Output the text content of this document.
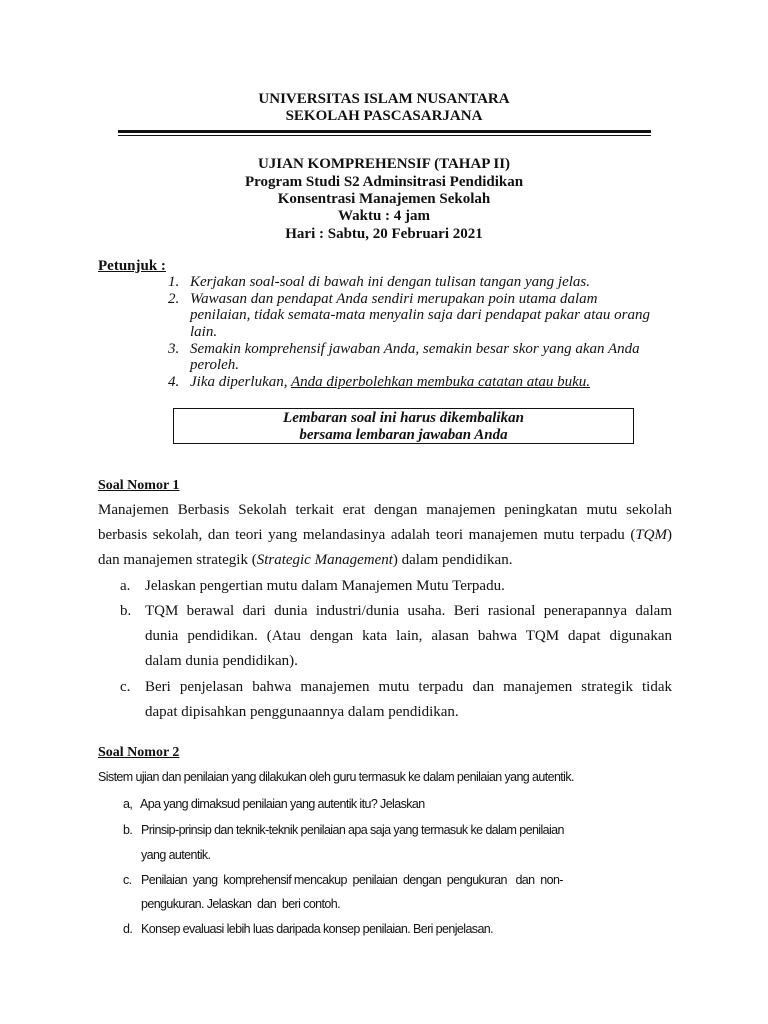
UNIVERSITAS ISLAM NUSANTARA
SEKOLAH PASCASARJANA
UJIAN KOMPREHENSIF (TAHAP II)
Program Studi S2 Adminsitrasi Pendidikan
Konsentrasi Manajemen Sekolah
Waktu : 4 jam
Hari : Sabtu, 20 Februari 2021
Petunjuk :
1. Kerjakan soal-soal di bawah ini dengan tulisan tangan yang jelas.
2. Wawasan dan pendapat Anda sendiri merupakan poin utama dalam
penilaian, tidak semata-mata menyalin saja dari pendapat pakar atau orang
lain.
3. Semakin komprehensif jawaban Anda, semakin besar skor yang akan Anda
peroleh.
4. Jika diperlukan, Anda diperbolehkan membuka catatan atau buku.
Lembaran soal ini harus dikembalikan
bersama lembaran jawaban Anda
Soal Nomor 1
Manajemen Berbasis Sekolah terkait erat dengan manajemen peningkatan mutu sekolah
berbasis sekolah, dan teori yang melandasinya adalah teori manajemen mutu terpadu (TQM)
dan manajemen strategik (Strategic Management) dalam pendidikan.
a. Jelaskan pengertian mutu dalam Manajemen Mutu Terpadu.
b. TQM berawal dari dunia industri/dunia usaha. Beri rasional penerapannya dalam
dunia pendidikan. (Atau dengan kata lain, alasan bahwa TQM dapat digunakan
dalam dunia pendidikan).
c. Beri penjelasan bahwa manajemen mutu terpadu dan manajemen strategik tidak
dapat dipisahkan penggunaannya dalam pendidikan.
Soal Nomor 2
Sistem ujian dan penilaian yang dilakukan oleh guru termasuk ke dalam penilaian yang autentik.
a, Apa yang dimaksud penilaian yang autentik itu? Jelaskan
b. Prinsip-prinsip dan teknik-teknik penilaian apa saja yang termasuk ke dalam penilaian
yang autentik.
c. Penilaian  yang  komprehensif mencakup  penilaian  dengan  pengukuran   dan  non-
pengukuran. Jelaskan  dan  beri contoh.
d. Konsep evaluasi lebih luas daripada konsep penilaian. Beri penjelasan.
